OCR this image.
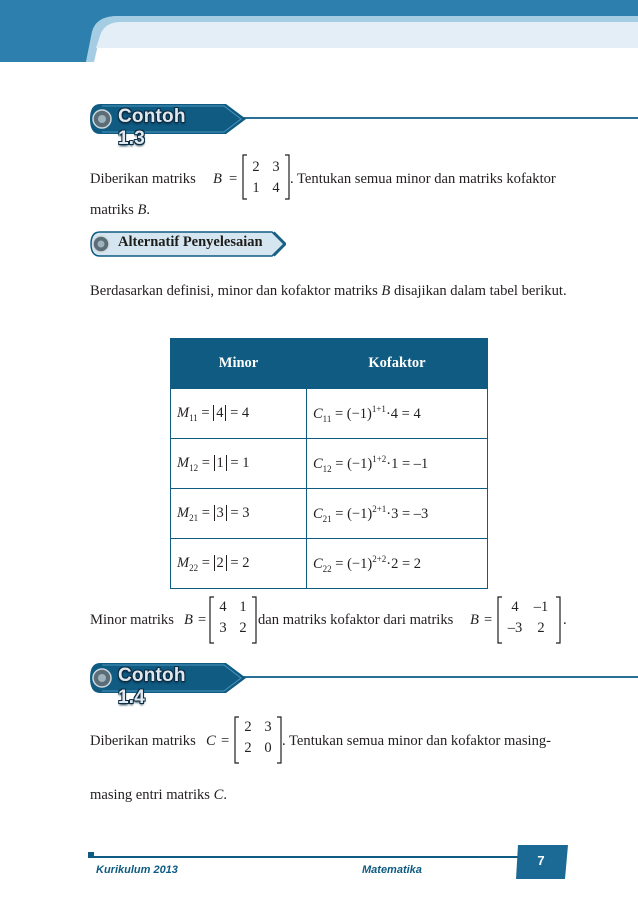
Contoh 1.3
Diberikan matriks B =
2 3
1 4
. Tentukan semua minor dan matriks kofaktor
matriks B.
Alternatif Penyelesaian
Berdasarkan definisi, minor dan kofaktor matriks B disajikan dalam tabel berikut.
Minor	Kofaktor
$M_{11} = 4 = 4$	$C_{11} = (-1)^{1+1}\cdot 4 = 4$
$M_{12} = 1 = 1$	$C_{12} = (-1)^{1+2}\cdot 1 = -1$
$M_{21} = 3 = 3$	$C_{21} = (-1)^{2+1}\cdot 3 = -3$
$M_{22} = 2 = 2$	$C_{22} = (-1)^{2+2}\cdot 2 = 2$
Minor matriks B =
4 1
3 2 dan matriks kofaktor dari matriks B =
4	–1
–3	2	.
Contoh 1.4
Diberikan matriks C =
2 3
2 0 . Tentukan semua minor dan kofaktor masing-
masing entri matriks C.
Kurikulum 2013	Matematika
7
